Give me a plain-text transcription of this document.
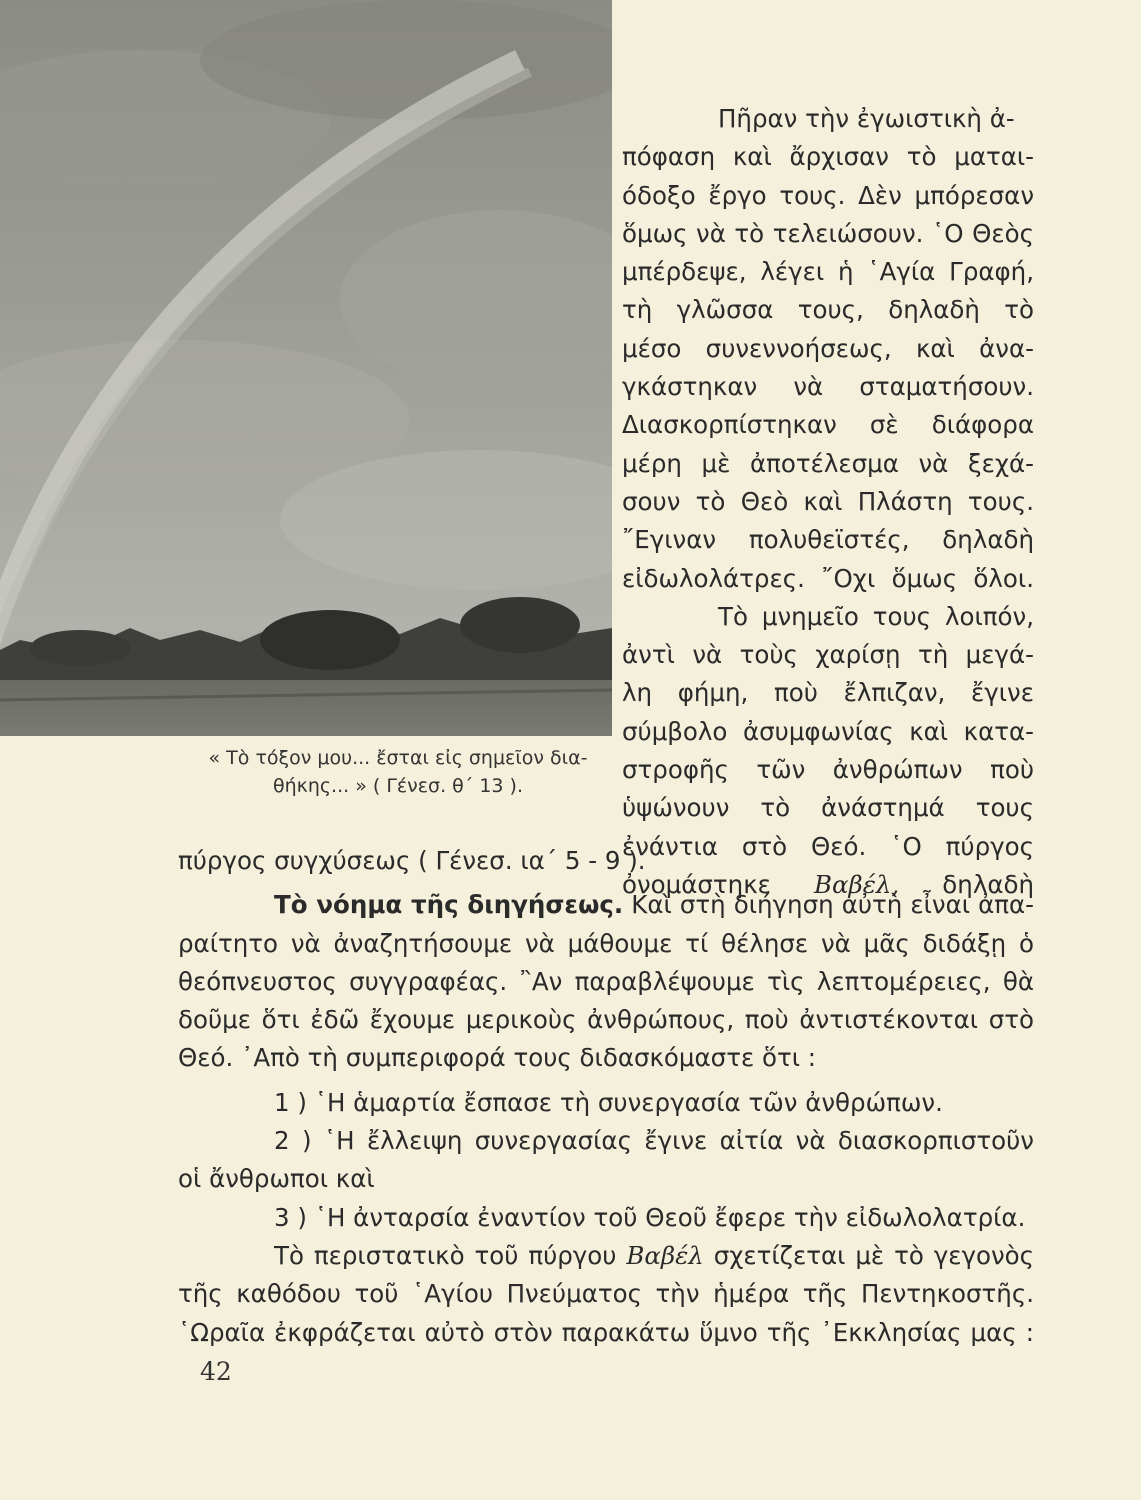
« Τὸ τόξον μου... ἔσται εἰς σημεῖον δια-
θήκης... » ( Γένεσ. θ΄ 13 ).
Πῆραν τὴν ἐγωιστικὴ ἀ-
πόφαση καὶ ἄρχισαν τὸ μαται-
όδοξο ἔργο τους. Δὲν μπόρεσαν
ὅμως νὰ τὸ τελειώσουν. ῾Ο Θεὸς
μπέρδεψε, λέγει ἡ ῾Αγία Γραφή,
τὴ γλῶσσα τους, δηλαδὴ τὸ
μέσο συνεννοήσεως, καὶ ἀνα-
γκάστηκαν νὰ σταματήσουν.
Διασκορπίστηκαν σὲ διάφορα
μέρη μὲ ἀποτέλεσμα νὰ ξεχά-
σουν τὸ Θεὸ καὶ Πλάστη τους.
῎Εγιναν πολυθεϊστές, δηλαδὴ
εἰδωλολάτρες. ῎Οχι ὅμως ὅλοι.
Τὸ μνημεῖο τους λοιπόν,
ἀντὶ νὰ τοὺς χαρίσῃ τὴ μεγά-
λη φήμη, ποὺ ἔλπιζαν, ἔγινε
σύμβολο ἀσυμφωνίας καὶ κατα-
στροφῆς τῶν ἀνθρώπων ποὺ
ὑψώνουν τὸ ἀνάστημά τους
ἐνάντια στὸ Θεό. ῾Ο πύργος
ὀνομάστηκε Βαβέλ, δηλαδὴ
πύργος συγχύσεως ( Γένεσ. ια΄ 5 - 9 ).
Τὸ νόημα τῆς διηγήσεως. Καὶ στὴ διήγηση αὐτὴ εἶναι ἀπα-
ραίτητο νὰ ἀναζητήσουμε νὰ μάθουμε τί θέλησε νὰ μᾶς διδάξῃ ὁ
θεόπνευστος συγγραφέας. ῍Αν παραβλέψουμε τὶς λεπτομέρειες, θὰ
δοῦμε ὅτι ἐδῶ ἔχουμε μερικοὺς ἀνθρώπους, ποὺ ἀντιστέκονται στὸ
Θεό. ᾿Απὸ τὴ συμπεριφορά τους διδασκόμαστε ὅτι :
1 ) ῾Η ἁμαρτία ἔσπασε τὴ συνεργασία τῶν ἀνθρώπων.
2 ) ῾Η ἔλλειψη συνεργασίας ἔγινε αἰτία νὰ διασκορπιστοῦν
οἱ ἄνθρωποι καὶ
3 ) ῾Η ἀνταρσία ἐναντίον τοῦ Θεοῦ ἔφερε τὴν εἰδωλολατρία.
Τὸ περιστατικὸ τοῦ πύργου Βαβέλ σχετίζεται μὲ τὸ γεγονὸς
τῆς καθόδου τοῦ ῾Αγίου Πνεύματος τὴν ἡμέρα τῆς Πεντηκοστῆς.
῾Ωραῖα ἐκφράζεται αὐτὸ στὸν παρακάτω ὕμνο τῆς ᾿Εκκλησίας μας :
42
